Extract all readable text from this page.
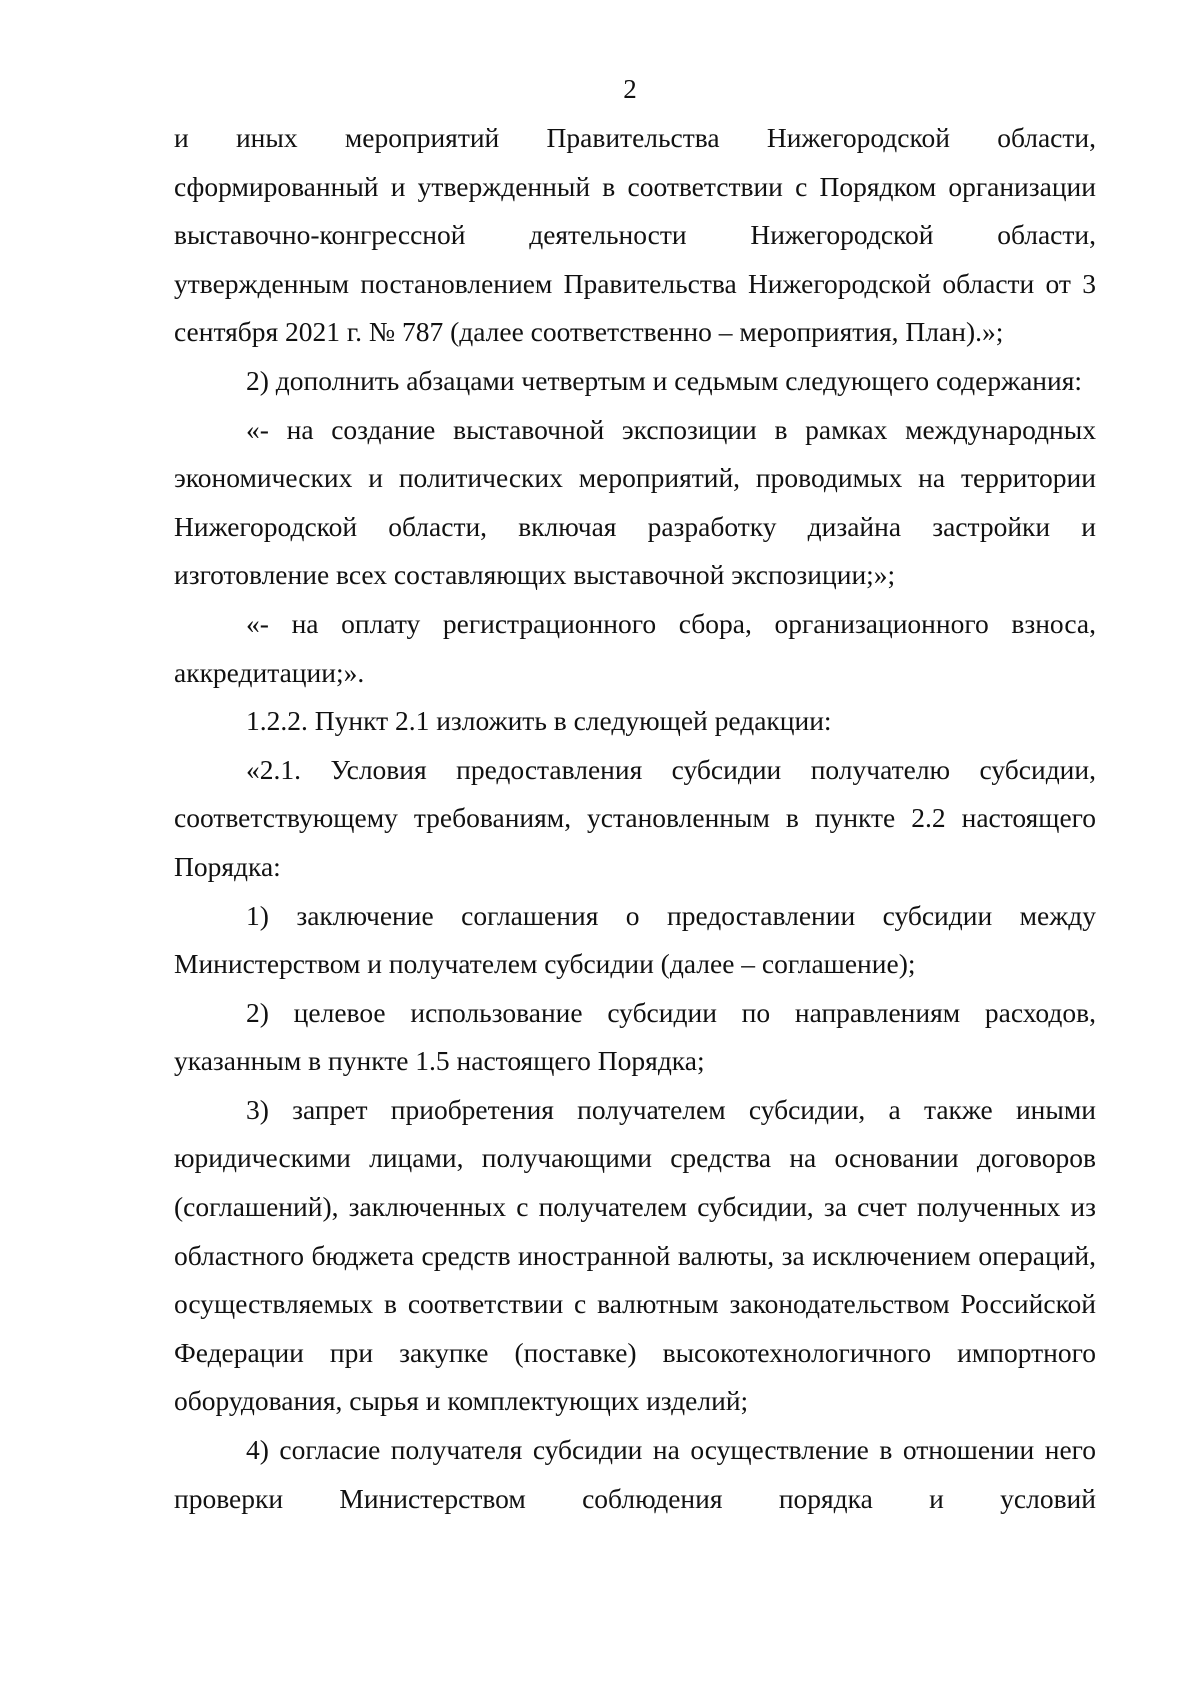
2

и иных мероприятий Правительства Нижегородской области, сформированный и утвержденный в соответствии с Порядком организации выставочно-конгрессной деятельности Нижегородской области, утвержденным постановлением Правительства Нижегородской области от 3 сентября 2021 г. № 787 (далее соответственно – мероприятия, План).»;

2) дополнить абзацами четвертым и седьмым следующего содержания:

«- на создание выставочной экспозиции в рамках международных экономических и политических мероприятий, проводимых на территории Нижегородской области, включая разработку дизайна застройки и изготовление всех составляющих выставочной экспозиции;»;

«- на оплату регистрационного сбора, организационного взноса, аккредитации;».

1.2.2. Пункт 2.1 изложить в следующей редакции:

«2.1. Условия предоставления субсидии получателю субсидии, соответствующему требованиям, установленным в пункте 2.2 настоящего Порядка:

1) заключение соглашения о предоставлении субсидии между Министерством и получателем субсидии (далее – соглашение);

2) целевое использование субсидии по направлениям расходов, указанным в пункте 1.5 настоящего Порядка;

3) запрет приобретения получателем субсидии, а также иными юридическими лицами, получающими средства на основании договоров (соглашений), заключенных с получателем субсидии, за счет полученных из областного бюджета средств иностранной валюты, за исключением операций, осуществляемых в соответствии с валютным законодательством Российской Федерации при закупке (поставке) высокотехнологичного импортного оборудования, сырья и комплектующих изделий;

4) согласие получателя субсидии на осуществление в отношении него проверки Министерством соблюдения порядка и условий
